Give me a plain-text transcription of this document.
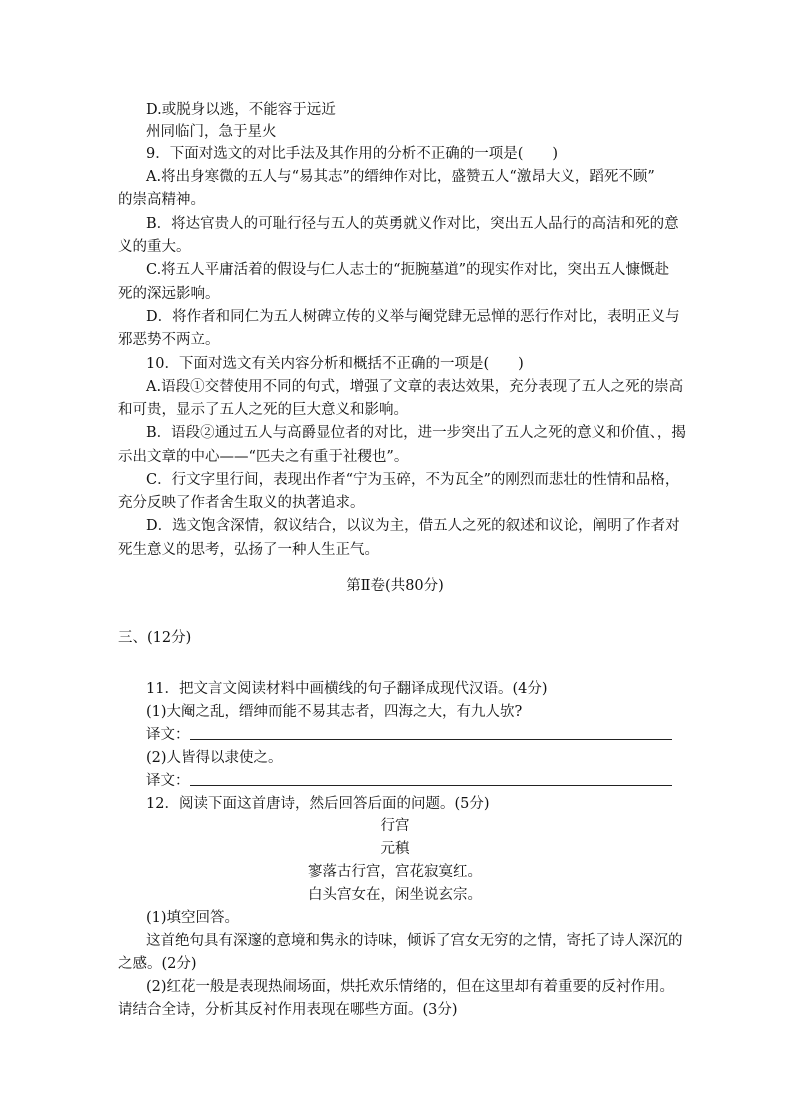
D.或脱身以逃，不能容于远近
州同临门，急于星火
9．下面对选文的对比手法及其作用的分析不正确的一项是(　　)
A.将出身寒微的五人与“易其志”的缙绅作对比，盛赞五人“激昂大义，蹈死不顾”
的崇高精神。
B．将达官贵人的可耻行径与五人的英勇就义作对比，突出五人品行的高洁和死的意
义的重大。
C.将五人平庸活着的假设与仁人志士的“扼腕墓道”的现实作对比，突出五人慷慨赴
死的深远影响。
D．将作者和同仁为五人树碑立传的义举与阉党肆无忌惮的恶行作对比，表明正义与
邪恶势不两立。
10．下面对选文有关内容分析和概括不正确的一项是(　　)
A.语段①交替使用不同的句式，增强了文章的表达效果，充分表现了五人之死的崇高
和可贵，显示了五人之死的巨大意义和影响。
B．语段②通过五人与高爵显位者的对比，进一步突出了五人之死的意义和价值、，揭
示出文章的中心——“匹夫之有重于社稷也”。
C．行文字里行间，表现出作者“宁为玉碎，不为瓦全”的刚烈而悲壮的性情和品格，
充分反映了作者舍生取义的执著追求。
D．选文饱含深情，叙议结合，以议为主，借五人之死的叙述和议论，阐明了作者对
死生意义的思考，弘扬了一种人生正气。
第Ⅱ卷(共80分)
三、(12分)
11．把文言文阅读材料中画横线的句子翻译成现代汉语。(4分)
(1)大阉之乱，缙绅而能不易其志者，四海之大，有九人欤?
译文：
(2)人皆得以隶使之。
译文：
12．阅读下面这首唐诗，然后回答后面的问题。(5分)
行宫
元稹
寥落古行宫，宫花寂寞红。
白头宫女在，闲坐说玄宗。
(1)填空回答。
这首绝句具有深邃的意境和隽永的诗味，倾诉了宫女无穷的之情，寄托了诗人深沉的
之感。(2分)
(2)红花一般是表现热闹场面，烘托欢乐情绪的，但在这里却有着重要的反衬作用。
请结合全诗，分析其反衬作用表现在哪些方面。(3分)
